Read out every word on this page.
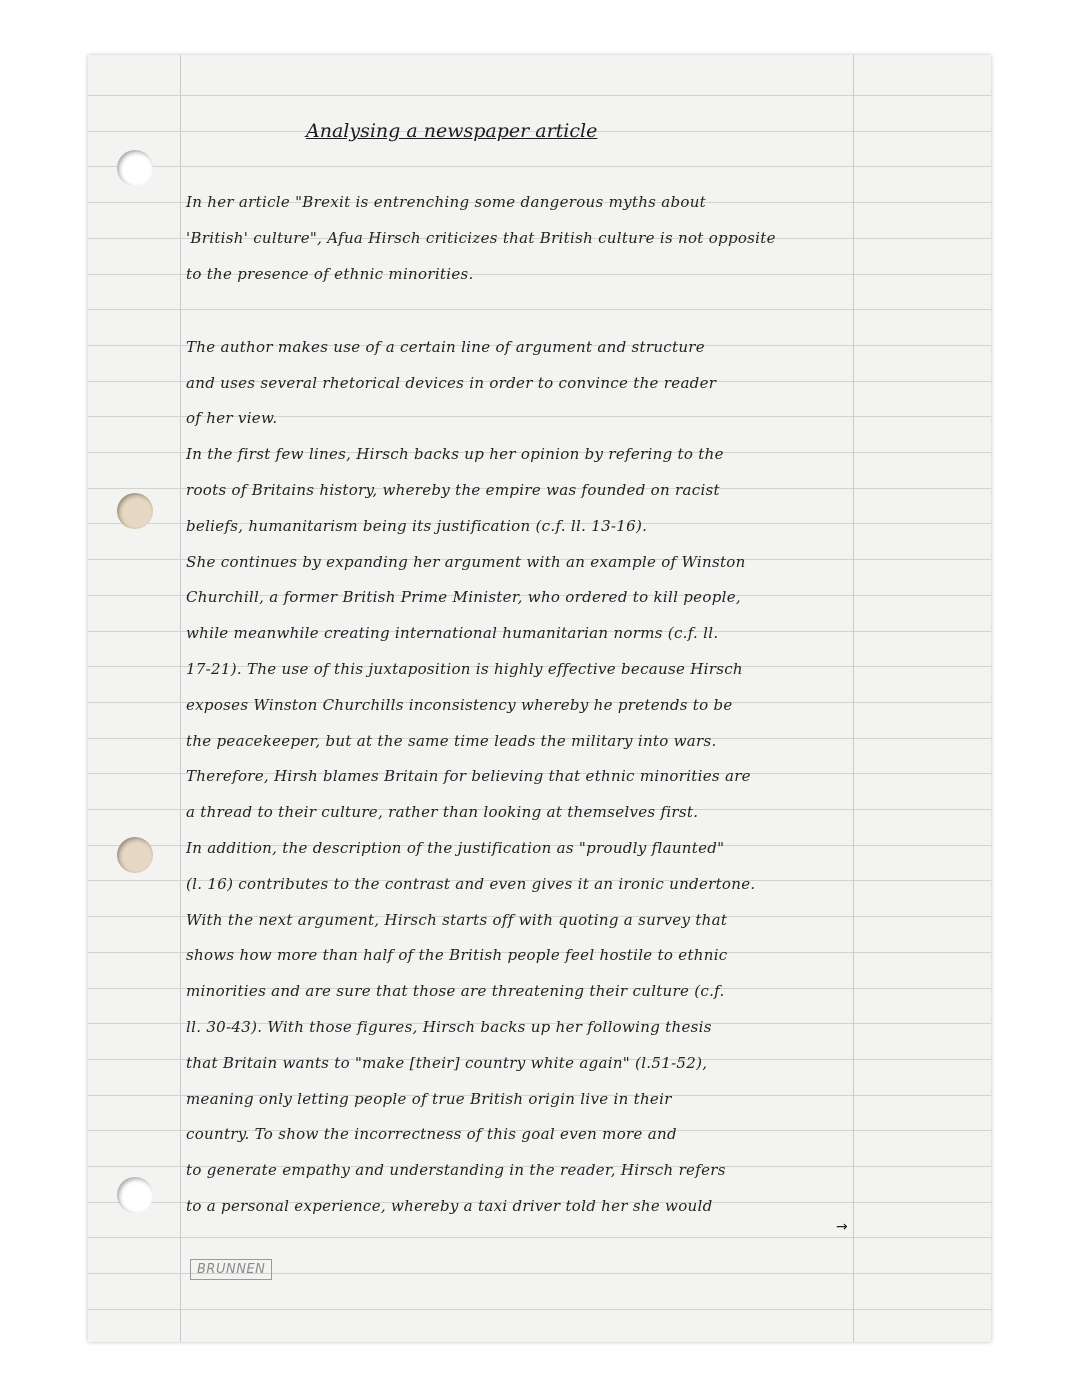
Analysing a newspaper article
In her article "Brexit is entrenching some dangerous myths about
'British' culture", Afua Hirsch criticizes that British culture is not opposite
to the presence of ethnic minorities.
The author makes use of a certain line of argument and structure
and uses several rhetorical devices in order to convince the reader
of her view.
In the first few lines, Hirsch backs up her opinion by refering to the
roots of Britains history, whereby the empire was founded on racist
beliefs, humanitarism being its justification (c.f. ll. 13-16).
She continues by expanding her argument with an example of Winston
Churchill, a former British Prime Minister, who ordered to kill people,
while meanwhile creating international humanitarian norms (c.f. ll.
17-21). The use of this juxtaposition is highly effective because Hirsch
exposes Winston Churchills inconsistency whereby he pretends to be
the peacekeeper, but at the same time leads the military into wars.
Therefore, Hirsh blames Britain for believing that ethnic minorities are
a thread to their culture, rather than looking at themselves first.
In addition, the description of the justification as "proudly flaunted"
(l. 16) contributes to the contrast and even gives it an ironic undertone.
With the next argument, Hirsch starts off with quoting a survey that
shows how more than half of the British people feel hostile to ethnic
minorities and are sure that those are threatening their culture (c.f.
ll. 30-43). With those figures, Hirsch backs up her following thesis
that Britain wants to "make [their] country white again" (l.51-52),
meaning only letting people of true British origin live in their
country. To show the incorrectness of this goal even more and
to generate empathy and understanding in the reader, Hirsch refers
to a personal experience, whereby a taxi driver told her she would
→
BRUNNEN
